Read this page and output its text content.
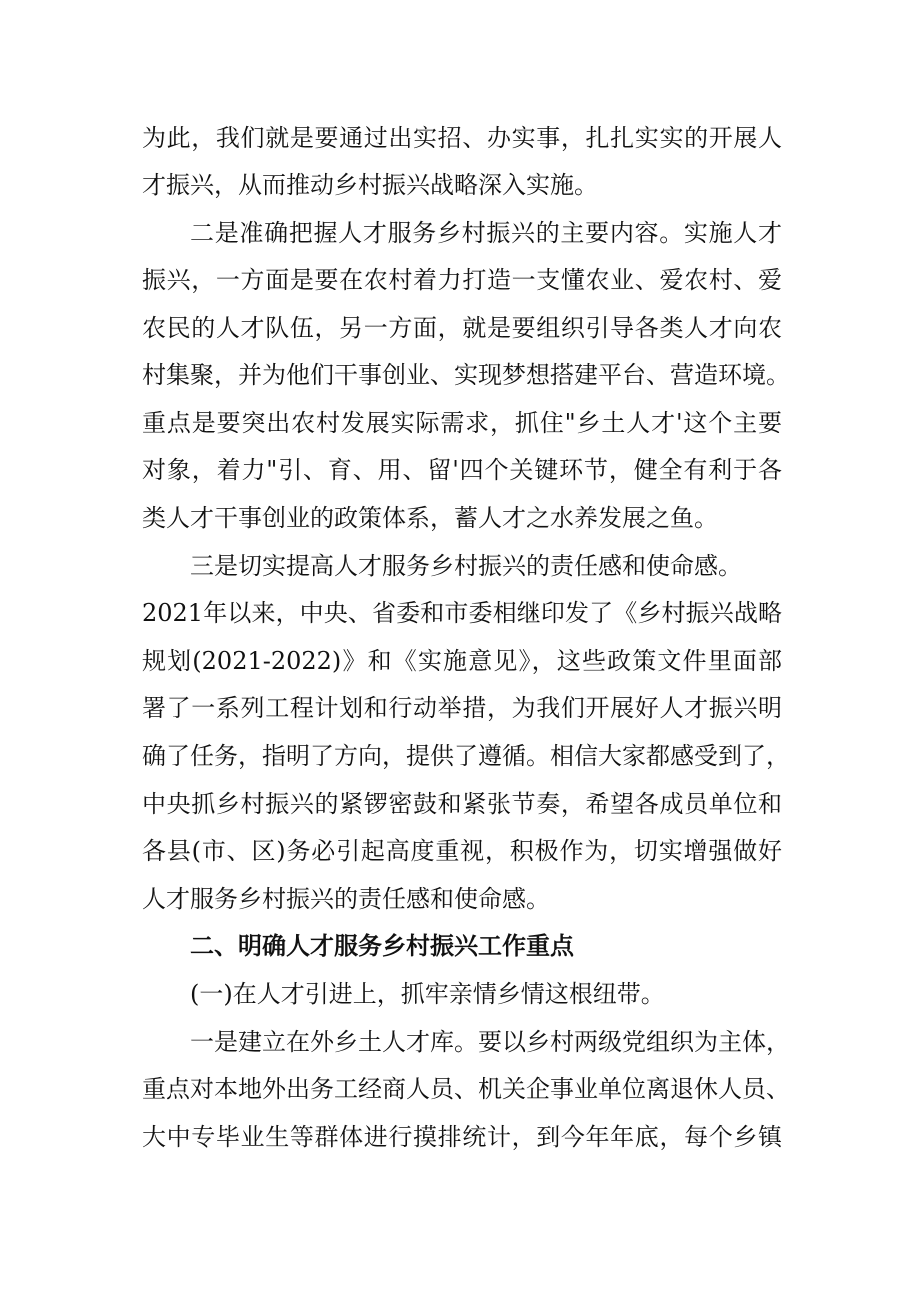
为此，我们就是要通过出实招、办实事，扎扎实实的开展人
才振兴，从而推动乡村振兴战略深入实施。
二是准确把握人才服务乡村振兴的主要内容。实施人才
振兴，一方面是要在农村着力打造一支懂农业、爱农村、爱
农民的人才队伍，另一方面，就是要组织引导各类人才向农
村集聚，并为他们干事创业、实现梦想搭建平台、营造环境。
重点是要突出农村发展实际需求，抓住"乡土人才'这个主要
对象，着力"引、育、用、留'四个关键环节，健全有利于各
类人才干事创业的政策体系，蓄人才之水养发展之鱼。
三是切实提高人才服务乡村振兴的责任感和使命感。
2021年以来，中央、省委和市委相继印发了《乡村振兴战略
规划(2021-2022)》和《实施意见》，这些政策文件里面部
署了一系列工程计划和行动举措，为我们开展好人才振兴明
确了任务，指明了方向，提供了遵循。相信大家都感受到了，
中央抓乡村振兴的紧锣密鼓和紧张节奏，希望各成员单位和
各县(市、区)务必引起高度重视，积极作为，切实增强做好
人才服务乡村振兴的责任感和使命感。
二、明确人才服务乡村振兴工作重点
(一)在人才引进上，抓牢亲情乡情这根纽带。
一是建立在外乡土人才库。要以乡村两级党组织为主体，
重点对本地外出务工经商人员、机关企事业单位离退休人员、
大中专毕业生等群体进行摸排统计，到今年年底，每个乡镇
